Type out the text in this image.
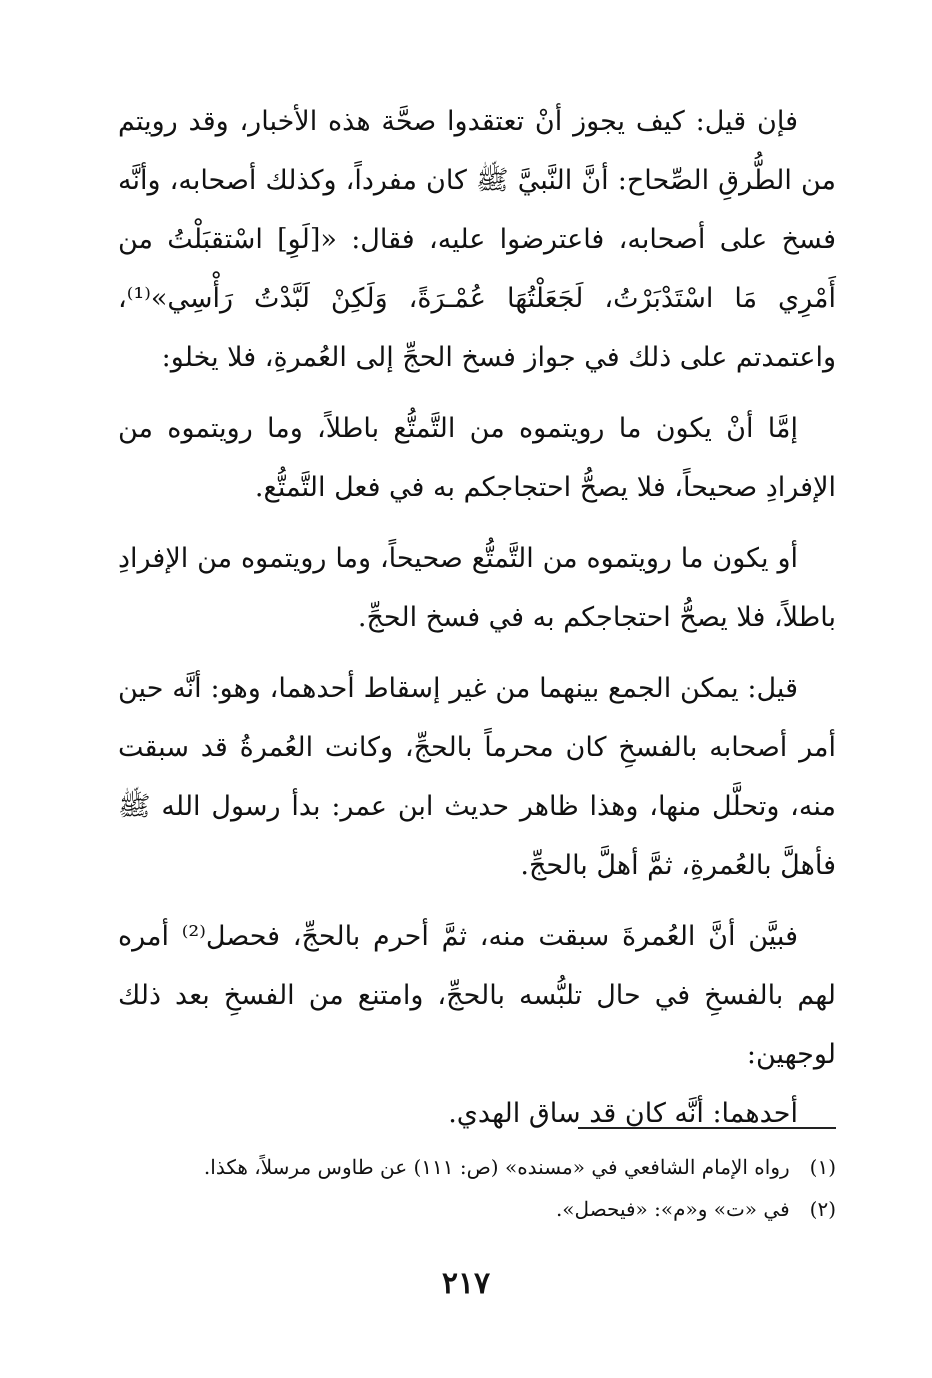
فإن قيل: كيف يجوز أنْ تعتقدوا صحَّة هذه الأخبار، وقد رويتم من الطُّرقِ الصِّحاح: أنَّ النَّبيَّ ﷺ كان مفرداً، وكذلك أصحابه، وأنَّه فسخ على أصحابه، فاعترضوا عليه، فقال: «[لَوِ] اسْتقبَلْتُ من أَمْرِي مَا اسْتَدْبَرْتُ، لَجَعَلْتُهَا عُمْـرَةً، وَلَكِنْ لَبَّدْتُ رَأْسِي»⁽¹⁾، واعتمدتم على ذلك في جواز فسخ الحجِّ إلى العُمرةِ، فلا يخلو:

إمَّا أنْ يكون ما رويتموه من التَّمتُّع باطلاً، وما رويتموه من الإفرادِ صحيحاً، فلا يصحُّ احتجاجكم به في فعل التَّمتُّع.

أو يكون ما رويتموه من التَّمتُّع صحيحاً، وما رويتموه من الإفرادِ باطلاً، فلا يصحُّ احتجاجكم به في فسخ الحجِّ.

قيل: يمكن الجمع بينهما من غير إسقاط أحدهما، وهو: أنَّه حين أمر أصحابه بالفسخِ كان محرماً بالحجِّ، وكانت العُمرةُ قد سبقت منه، وتحلَّل منها، وهذا ظاهر حديث ابن عمر: بدأ رسول الله ﷺ فأهلَّ بالعُمرةِ، ثمَّ أهلَّ بالحجِّ.

فبيَّن أنَّ العُمرةَ سبقت منه، ثمَّ أحرم بالحجِّ، فحصل⁽²⁾ أمره لهم بالفسخِ في حال تلبُّسه بالحجِّ، وامتنع من الفسخِ بعد ذلك لوجهين:

أحدهما: أنَّه كان قد ساق الهدي.

(١) رواه الإمام الشافعي في «مسنده» (ص: ١١١) عن طاوس مرسلاً، هكذا.

(٢) في «ت» و«م»: «فيحصل».

٢١٧
